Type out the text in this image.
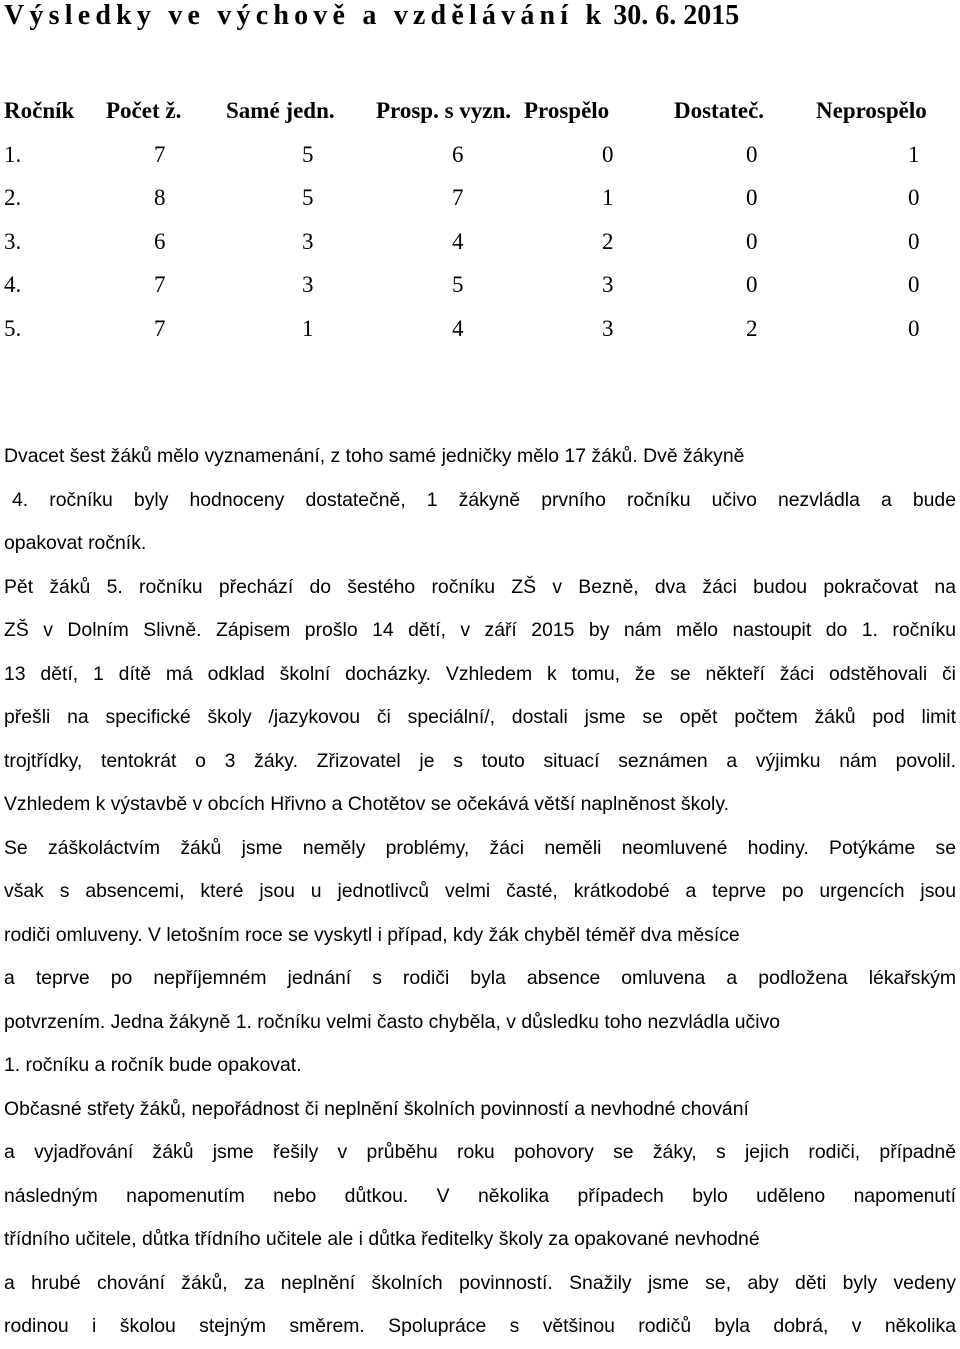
Výsledky ve výchově a vzdělávání k 30. 6. 2015
Ročník	Počet ž.	Samé jedn.	Prosp. s vyzn.	Prospělo	Dostateč.	Neprospělo
1.	7	5	6	0	0	1
2.	8	5	7	1	0	0
3.	6	3	4	2	0	0
4.	7	3	5	3	0	0
5.	7	1	4	3	2	0
Dvacet šest žáků mělo vyznamenání, z toho samé jedničky mělo 17 žáků. Dvě žákyně
4. ročníku byly hodnoceny dostatečně, 1 žákyně prvního ročníku učivo nezvládla a bude
opakovat ročník.
Pět žáků 5. ročníku přechází do šestého ročníku ZŠ v Bezně, dva žáci budou pokračovat na
ZŠ v Dolním Slivně. Zápisem prošlo 14 dětí, v září 2015 by nám mělo nastoupit do 1. ročníku
13 dětí, 1 dítě má odklad školní docházky. Vzhledem k tomu, že se někteří žáci odstěhovali či
přešli na specifické školy /jazykovou či speciální/, dostali jsme se opět počtem žáků pod limit
trojtřídky, tentokrát o 3 žáky. Zřizovatel je s touto situací seznámen a výjimku nám povolil.
Vzhledem k výstavbě v obcích Hřivno a Chotětov se očekává větší naplněnost školy.
Se záškoláctvím žáků jsme neměly problémy, žáci neměli neomluvené hodiny. Potýkáme se
však s absencemi, které jsou u jednotlivců velmi časté, krátkodobé a teprve po urgencích jsou
rodiči omluveny. V letošním roce se vyskytl i případ, kdy žák chyběl téměř dva měsíce
a teprve po nepříjemném jednání s rodiči byla absence omluvena a podložena lékařským
potvrzením. Jedna žákyně 1. ročníku velmi často chyběla, v důsledku toho nezvládla učivo
1. ročníku a ročník bude opakovat.
Občasné střety žáků, nepořádnost či neplnění školních povinností a nevhodné chování
a vyjadřování žáků jsme řešily v průběhu roku pohovory se žáky, s jejich rodiči, případně
následným napomenutím nebo důtkou. V několika případech bylo uděleno napomenutí
třídního učitele, důtka třídního učitele ale i důtka ředitelky školy za opakované nevhodné
a hrubé chování žáků, za neplnění školních povinností. Snažily jsme se, aby děti byly vedeny
rodinou i školou stejným směrem. Spolupráce s většinou rodičů byla dobrá, v několika
